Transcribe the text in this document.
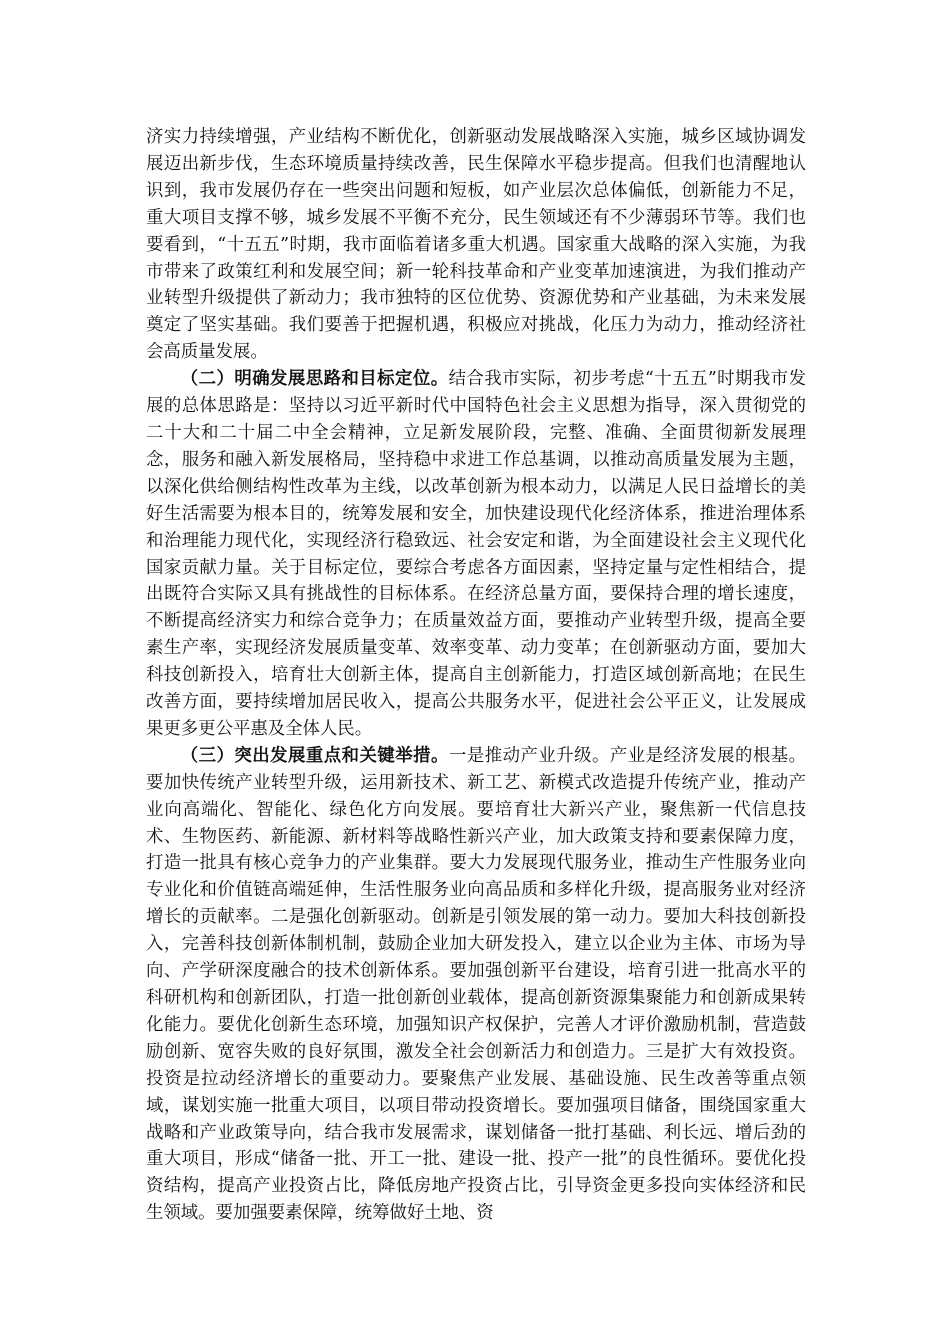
济实力持续增强，产业结构不断优化，创新驱动发展战略深入实施，城乡区域协调发展迈出新步伐，生态环境质量持续改善，民生保障水平稳步提高。但我们也清醒地认识到，我市发展仍存在一些突出问题和短板，如产业层次总体偏低，创新能力不足，重大项目支撑不够，城乡发展不平衡不充分，民生领域还有不少薄弱环节等。我们也要看到，“十五五”时期，我市面临着诸多重大机遇。国家重大战略的深入实施，为我市带来了政策红利和发展空间；新一轮科技革命和产业变革加速演进，为我们推动产业转型升级提供了新动力；我市独特的区位优势、资源优势和产业基础，为未来发展奠定了坚实基础。我们要善于把握机遇，积极应对挑战，化压力为动力，推动经济社会高质量发展。

（二）明确发展思路和目标定位。结合我市实际，初步考虑“十五五”时期我市发展的总体思路是：坚持以习近平新时代中国特色社会主义思想为指导，深入贯彻党的二十大和二十届二中全会精神，立足新发展阶段，完整、准确、全面贯彻新发展理念，服务和融入新发展格局，坚持稳中求进工作总基调，以推动高质量发展为主题，以深化供给侧结构性改革为主线，以改革创新为根本动力，以满足人民日益增长的美好生活需要为根本目的，统筹发展和安全，加快建设现代化经济体系，推进治理体系和治理能力现代化，实现经济行稳致远、社会安定和谐，为全面建设社会主义现代化国家贡献力量。关于目标定位，要综合考虑各方面因素，坚持定量与定性相结合，提出既符合实际又具有挑战性的目标体系。在经济总量方面，要保持合理的增长速度，不断提高经济实力和综合竞争力；在质量效益方面，要推动产业转型升级，提高全要素生产率，实现经济发展质量变革、效率变革、动力变革；在创新驱动方面，要加大科技创新投入，培育壮大创新主体，提高自主创新能力，打造区域创新高地；在民生改善方面，要持续增加居民收入，提高公共服务水平，促进社会公平正义，让发展成果更多更公平惠及全体人民。

（三）突出发展重点和关键举措。一是推动产业升级。产业是经济发展的根基。要加快传统产业转型升级，运用新技术、新工艺、新模式改造提升传统产业，推动产业向高端化、智能化、绿色化方向发展。要培育壮大新兴产业，聚焦新一代信息技术、生物医药、新能源、新材料等战略性新兴产业，加大政策支持和要素保障力度，打造一批具有核心竞争力的产业集群。要大力发展现代服务业，推动生产性服务业向专业化和价值链高端延伸，生活性服务业向高品质和多样化升级，提高服务业对经济增长的贡献率。二是强化创新驱动。创新是引领发展的第一动力。要加大科技创新投入，完善科技创新体制机制，鼓励企业加大研发投入，建立以企业为主体、市场为导向、产学研深度融合的技术创新体系。要加强创新平台建设，培育引进一批高水平的科研机构和创新团队，打造一批创新创业载体，提高创新资源集聚能力和创新成果转化能力。要优化创新生态环境，加强知识产权保护，完善人才评价激励机制，营造鼓励创新、宽容失败的良好氛围，激发全社会创新活力和创造力。三是扩大有效投资。投资是拉动经济增长的重要动力。要聚焦产业发展、基础设施、民生改善等重点领域，谋划实施一批重大项目，以项目带动投资增长。要加强项目储备，围绕国家重大战略和产业政策导向，结合我市发展需求，谋划储备一批打基础、利长远、增后劲的重大项目，形成“储备一批、开工一批、建设一批、投产一批”的良性循环。要优化投资结构，提高产业投资占比，降低房地产投资占比，引导资金更多投向实体经济和民生领域。要加强要素保障，统筹做好土地、资
